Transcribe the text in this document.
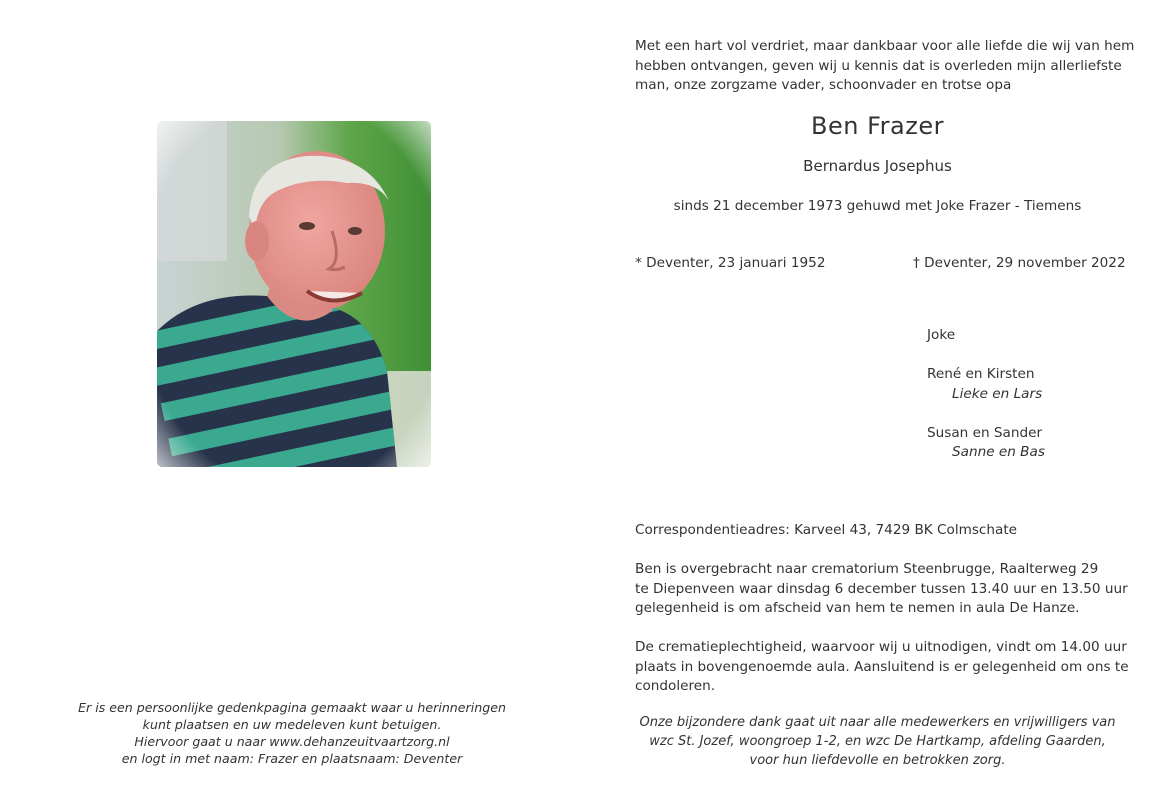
Er is een persoonlijke gedenkpagina gemaakt waar u herinneringen
kunt plaatsen en uw medeleven kunt betuigen.
Hiervoor gaat u naar www.dehanzeuitvaartzorg.nl
en logt in met naam: Frazer en plaatsnaam: Deventer
Met een hart vol verdriet, maar dankbaar voor alle liefde die wij van hem
hebben ontvangen, geven wij u kennis dat is overleden mijn allerliefste
man, onze zorgzame vader, schoonvader en trotse opa
Ben Frazer
Bernardus Josephus
sinds 21 december 1973 gehuwd met Joke Frazer - Tiemens
* Deventer, 23 januari 1952	† Deventer, 29 november 2022
Joke
René en Kirsten
Lieke en Lars
Susan en Sander
Sanne en Bas
Correspondentieadres: Karveel 43, 7429 BK Colmschate
Ben is overgebracht naar crematorium Steenbrugge, Raalterweg 29
te Diepenveen waar dinsdag 6 december tussen 13.40 uur en 13.50 uur
gelegenheid is om afscheid van hem te nemen in aula De Hanze.
De crematieplechtigheid, waarvoor wij u uitnodigen, vindt om 14.00 uur
plaats in bovengenoemde aula. Aansluitend is er gelegenheid om ons te
condoleren.
Onze bijzondere dank gaat uit naar alle medewerkers en vrijwilligers van
wzc St. Jozef, woongroep 1-2, en wzc De Hartkamp, afdeling Gaarden,
voor hun liefdevolle en betrokken zorg.
